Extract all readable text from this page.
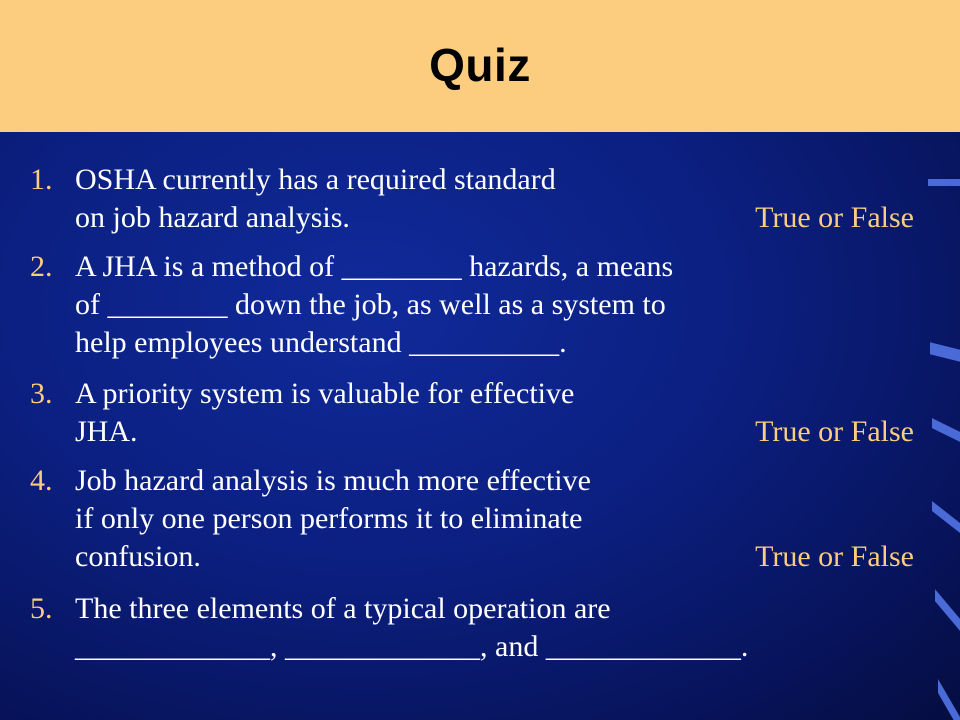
Quiz
1. OSHA currently has a required standard
on job hazard analysis.	True or False
2. A JHA is a method of ________ hazards, a means
of ________ down the job, as well as a system to
help employees understand __________.
3. A priority system is valuable for effective
JHA.	True or False
4. Job hazard analysis is much more effective
if only one person performs it to eliminate
confusion.	True or False
5. The three elements of a typical operation are
_____________, _____________, and _____________.
